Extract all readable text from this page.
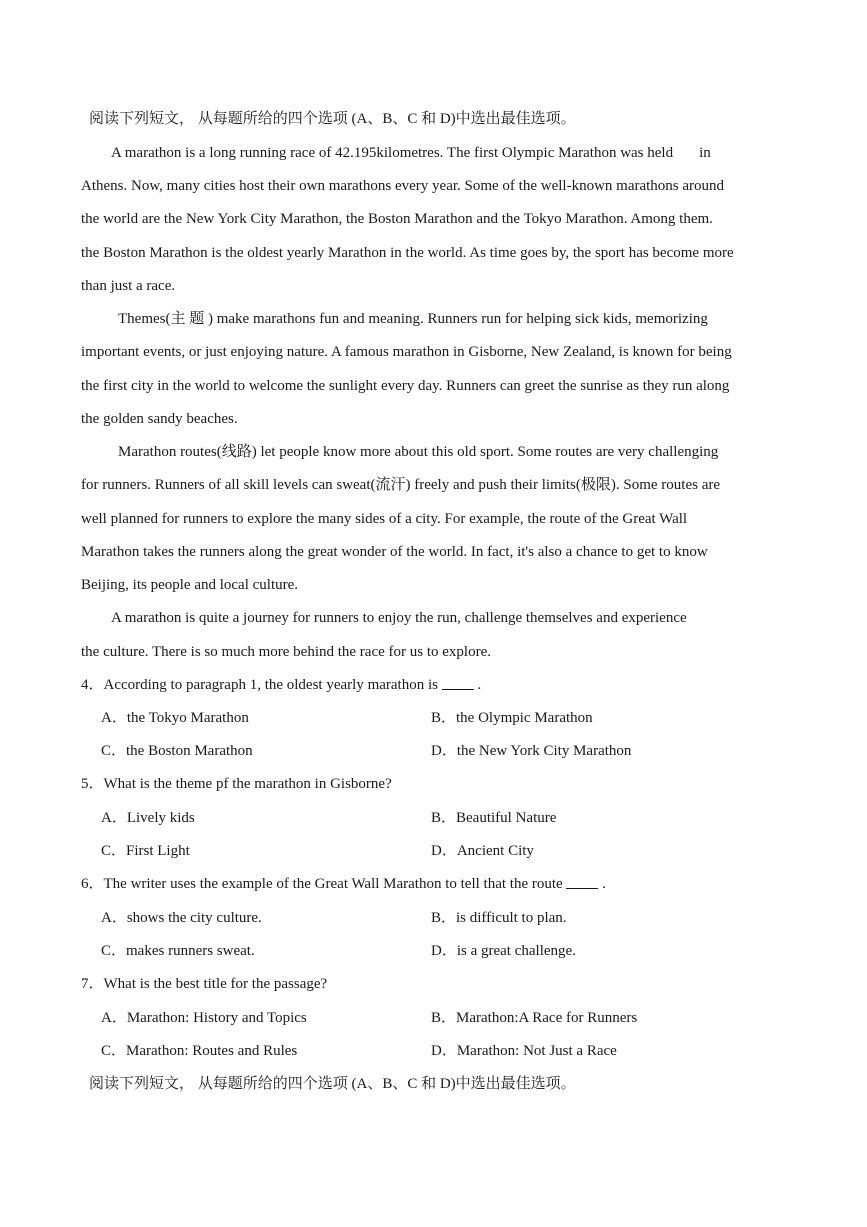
阅读下列短文， 从每题所给的四个选项 (A、B、C 和 D)中选出最佳选项。
A marathon is a long running race of 42.195kilometres. The first Olympic Marathon was held in
Athens. Now, many cities host their own marathons every year. Some of the well-known marathons around
the world are the New York City Marathon, the Boston Marathon and the Tokyo Marathon. Among them.
the Boston Marathon is the oldest yearly Marathon in the world. As time goes by, the sport has become more
than just a race.
Themes(主 题 ) make marathons fun and meaning. Runners run for helping sick kids, memorizing
important events, or just enjoying nature. A famous marathon in Gisborne, New Zealand, is known for being
the first city in the world to welcome the sunlight every day. Runners can greet the sunrise as they run along
the golden sandy beaches.
Marathon routes(线路) let people know more about this old sport. Some routes are very challenging
for runners. Runners of all skill levels can sweat(流汗) freely and push their limits(极限). Some routes are
well planned for runners to explore the many sides of a city. For example, the route of the Great Wall
Marathon takes the runners along the great wonder of the world. In fact, it's also a chance to get to know
Beijing, its people and local culture.
A marathon is quite a journey for runners to enjoy the run, challenge themselves and experience
the culture. There is so much more behind the race for us to explore.
4．According to paragraph 1, the oldest yearly marathon is	.
A．the Tokyo Marathon	B．the Olympic Marathon
C．the Boston Marathon	D．the New York City Marathon
5．What is the theme pf the marathon in Gisborne?
A．Lively kids	B．Beautiful Nature
C．First Light	D．Ancient City
6．The writer uses the example of the Great Wall Marathon to tell that the route	.
A．shows the city culture.	B．is difficult to plan.
C．makes runners sweat.	D．is a great challenge.
7．What is the best title for the passage?
A．Marathon: History and Topics	B．Marathon:A Race for Runners
C．Marathon: Routes and Rules	D．Marathon: Not Just a Race
阅读下列短文， 从每题所给的四个选项 (A、B、C 和 D)中选出最佳选项。
